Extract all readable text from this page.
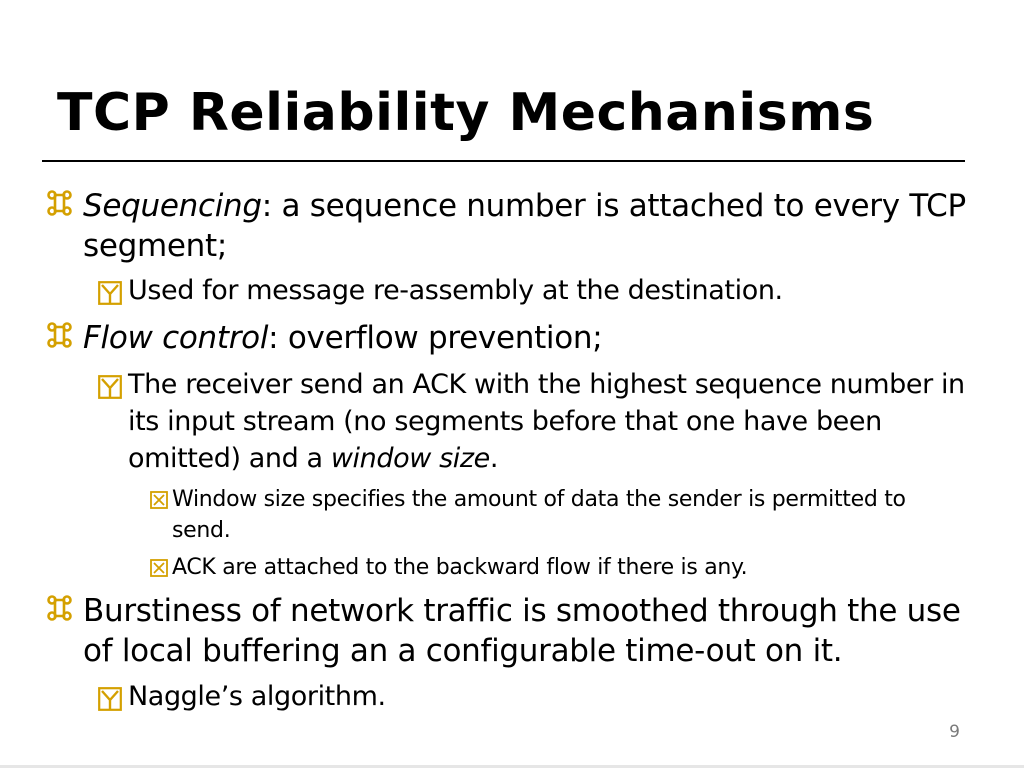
TCP Reliability Mechanisms
Sequencing: a sequence number is attached to every TCP segment;
Used for message re-assembly at the destination.
Flow control: overflow prevention;
The receiver send an ACK with the highest sequence number in its input stream (no segments before that one have been omitted) and a window size.
Window size specifies the amount of data the sender is permitted to send.
ACK are attached to the backward flow if there is any.
Burstiness of network traffic is smoothed through the use of local buffering an a configurable time-out on it.
Naggle’s algorithm.
9
